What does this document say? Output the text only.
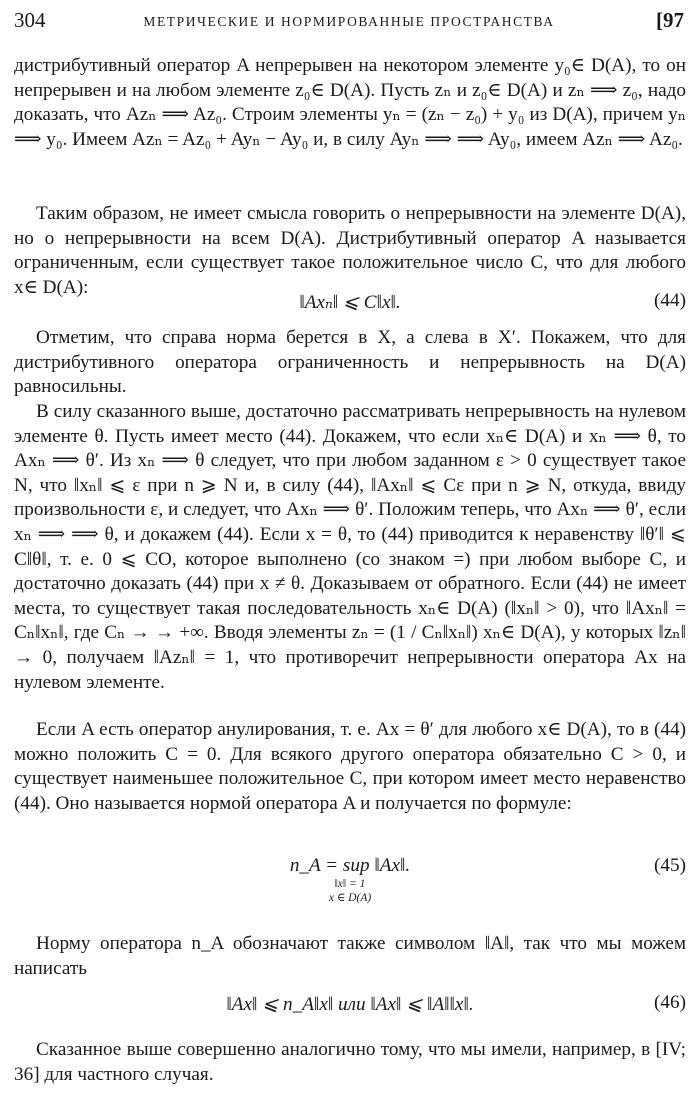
304	МЕТРИЧЕСКИЕ И НОРМИРОВАННЫЕ ПРОСТРАНСТВА	[97

дистрибутивный оператор A непрерывен на некотором элементе y₀∈ D(A), то он непрерывен и на любом элементе z₀∈ D(A). Пусть zₙ и z₀∈ D(A) и zₙ ⟹ z₀, надо доказать, что Azₙ ⟹ Az₀. Строим элементы yₙ = (zₙ − z₀) + y₀ из D(A), причем yₙ ⟹ y₀. Имеем Azₙ = Az₀ + Ayₙ − Ay₀ и, в силу Ayₙ ⟹ ⟹ Ay₀, имеем Azₙ ⟹ Az₀.

Таким образом, не имеет смысла говорить о непрерывности на элементе D(A), но о непрерывности на всем D(A). Дистрибутивный оператор A называется ограниченным, если существует такое положительное число C, что для любого x∈ D(A):

‖Axₙ‖ ⩽ C‖x‖.	(44)

Отметим, что справа норма берется в X, а слева в X′. Покажем, что для дистрибутивного оператора ограниченность и непрерывность на D(A) равносильны.

В силу сказанного выше, достаточно рассматривать непрерывность на нулевом элементе θ. Пусть имеет место (44). Докажем, что если xₙ∈ D(A) и xₙ ⟹ θ, то Axₙ ⟹ θ′. Из xₙ ⟹ θ следует, что при любом заданном ε > 0 существует такое N, что ‖xₙ‖ ⩽ ε при n ⩾ N и, в силу (44), ‖Axₙ‖ ⩽ Cε при n ⩾ N, откуда, ввиду произвольности ε, и следует, что Axₙ ⟹ θ′. Положим теперь, что Axₙ ⟹ θ′, если xₙ ⟹ ⟹ θ, и докажем (44). Если x = θ, то (44) приводится к неравенству ‖θ′‖ ⩽ C‖θ‖, т. е. 0 ⩽ CO, которое выполнено (со знаком =) при любом выборе C, и достаточно доказать (44) при x ≠ θ. Доказываем от обратного. Если (44) не имеет места, то существует такая последовательность xₙ∈ D(A) (‖xₙ‖ > 0), что ‖Axₙ‖ = Cₙ‖xₙ‖, где Cₙ → → +∞. Вводя элементы zₙ = (1 / Cₙ‖xₙ‖) xₙ∈ D(A), у которых ‖zₙ‖ → 0, получаем ‖Azₙ‖ = 1, что противоречит непрерывности оператора Ax на нулевом элементе.

Если A есть оператор анулирования, т. е. Ax = θ′ для любого x∈ D(A), то в (44) можно положить C = 0. Для всякого другого оператора обязательно C > 0, и существует наименьшее положительное C, при котором имеет место неравенство (44). Оно называется нормой оператора A и получается по формуле:

n_A = sup ‖Ax‖.
‖x‖ = 1
x ∈ D(A)
(45)

Норму оператора n_A обозначают также символом ‖A‖, так что мы можем написать

‖Ax‖ ⩽ n_A‖x‖ или ‖Ax‖ ⩽ ‖A‖‖x‖.	(46)

Сказанное выше совершенно аналогично тому, что мы имели, например, в [IV; 36] для частного случая.
